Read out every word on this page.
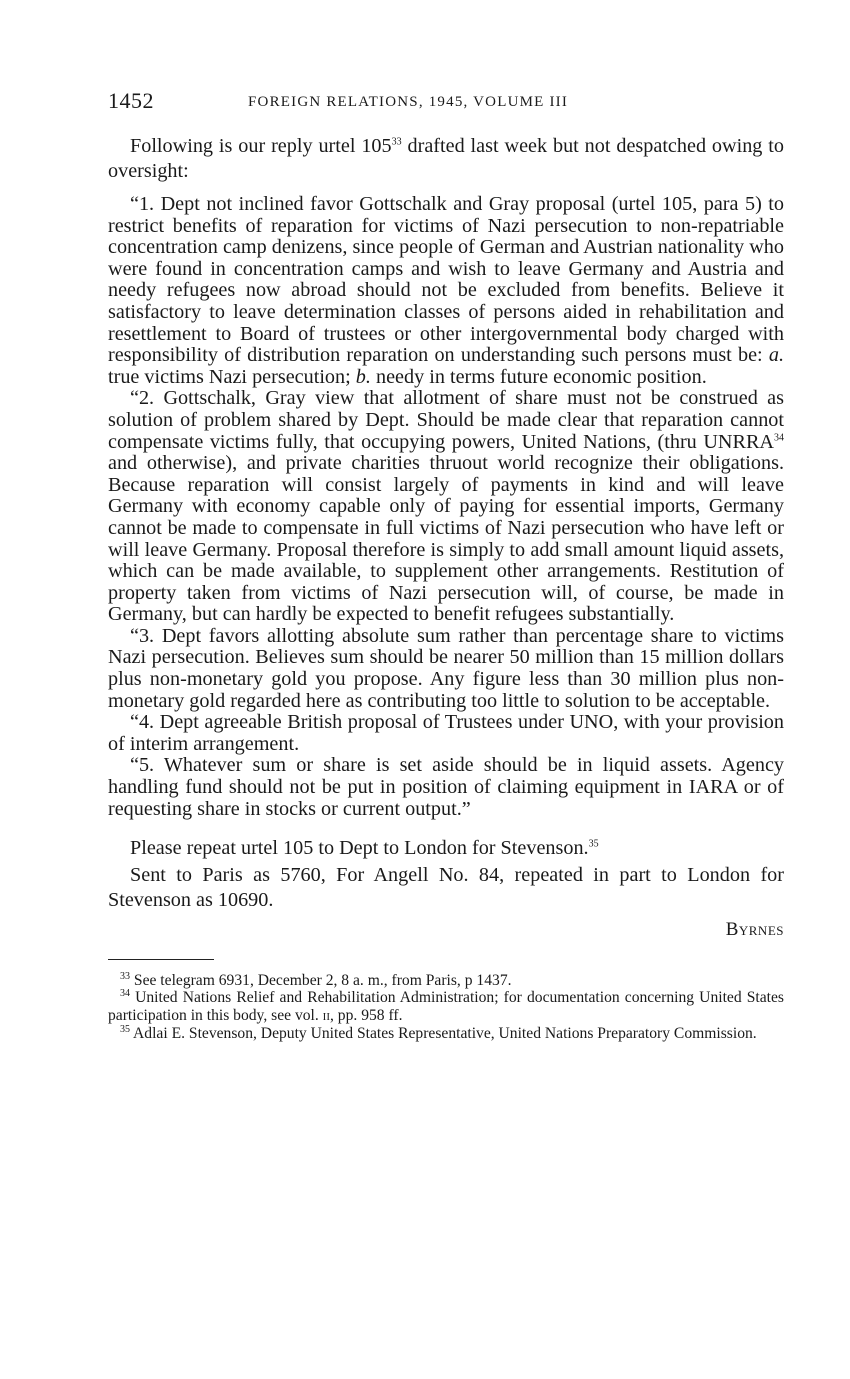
1452	FOREIGN RELATIONS, 1945, VOLUME III

Following is our reply urtel $105^{33}$ drafted last week but not despatched owing to oversight:

“1. Dept not inclined favor Gottschalk and Gray proposal (urtel 105, para 5) to restrict benefits of reparation for victims of Nazi persecution to non-repatriable concentration camp denizens, since people of German and Austrian nationality who were found in concentration camps and wish to leave Germany and Austria and needy refugees now abroad should not be excluded from benefits. Believe it satisfactory to leave determination classes of persons aided in rehabilitation and resettlement to Board of trustees or other intergovernmental body charged with responsibility of distribution reparation on understanding such persons must be: a. true victims Nazi persecution; b. needy in terms future economic position.

“2. Gottschalk, Gray view that allotment of share must not be construed as solution of problem shared by Dept. Should be made clear that reparation cannot compensate victims fully, that occupying powers, United Nations, (thru UNRRA$^{34}$ and otherwise), and private charities thruout world recognize their obligations. Because reparation will consist largely of payments in kind and will leave Germany with economy capable only of paying for essential imports, Germany cannot be made to compensate in full victims of Nazi persecution who have left or will leave Germany. Proposal therefore is simply to add small amount liquid assets, which can be made available, to supplement other arrangements. Restitution of property taken from victims of Nazi persecution will, of course, be made in Germany, but can hardly be expected to benefit refugees substantially.

“3. Dept favors allotting absolute sum rather than percentage share to victims Nazi persecution. Believes sum should be nearer 50 million than 15 million dollars plus non-monetary gold you propose. Any figure less than 30 million plus non-monetary gold regarded here as contributing too little to solution to be acceptable.

“4. Dept agreeable British proposal of Trustees under UNO, with your provision of interim arrangement.

“5. Whatever sum or share is set aside should be in liquid assets. Agency handling fund should not be put in position of claiming equipment in IARA or of requesting share in stocks or current output.”

Please repeat urtel 105 to Dept to London for Stevenson.$^{35}$

Sent to Paris as 5760, For Angell No. 84, repeated in part to London for Stevenson as 10690.

Byrnes

$^{33}$ See telegram 6931, December 2, 8 a. m., from Paris, p 1437.

$^{34}$ United Nations Relief and Rehabilitation Administration; for documentation concerning United States participation in this body, see vol. ii, pp. 958 ff.

$^{35}$ Adlai E. Stevenson, Deputy United States Representative, United Nations Preparatory Commission.
